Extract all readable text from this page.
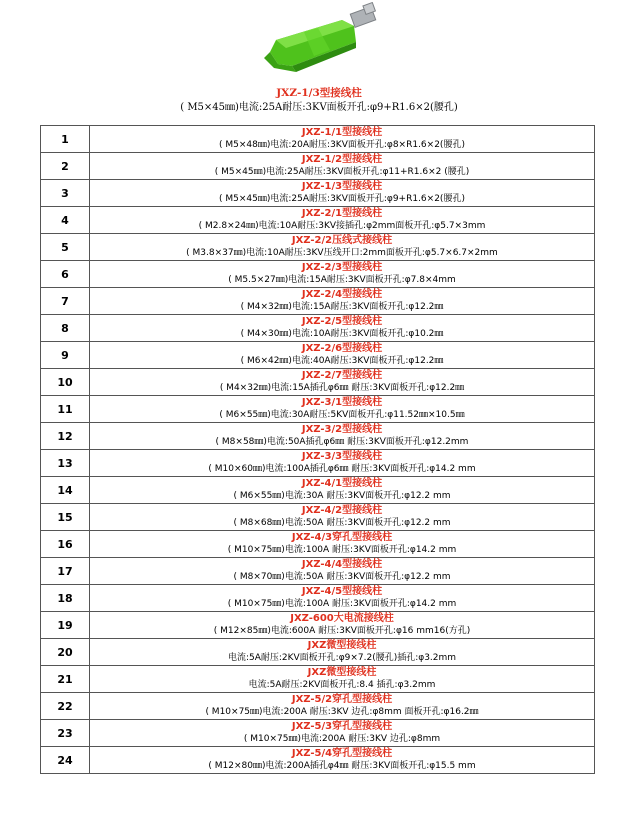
JXZ-1/3型接线柱
( M5×45㎜)电流:25A耐压:3KV面板开孔:φ9+R1.6×2(腰孔)
1	JXZ-1/1型接线柱
( M5×48㎜)电流:20A耐压:3KV面板开孔:φ8×R1.6×2(腰孔)

2	JXZ-1/2型接线柱
( M5×45㎜)电流:25A耐压:3KV面板开孔:φ11+R1.6×2 (腰孔)

3	JXZ-1/3型接线柱
( M5×45㎜)电流:25A耐压:3KV面板开孔:φ9+R1.6×2(腰孔)

4	JXZ-2/1型接线柱
( M2.8×24㎜)电流:10A耐压:3KV接插孔:φ2mm面板开孔:φ5.7×3mm

5	JXZ-2/2压线式接线柱
( M3.8×37㎜)电流:10A耐压:3KV压线开口:2mm面板开孔:φ5.7×6.7×2mm

6	JXZ-2/3型接线柱
( M5.5×27㎜)电流:15A耐压:3KV面板开孔:φ7.8×4mm

7	JXZ-2/4型接线柱
( M4×32㎜)电流:15A耐压:3KV面板开孔:φ12.2㎜

8	JXZ-2/5型接线柱
( M4×30㎜)电流:10A耐压:3KV面板开孔:φ10.2㎜

9	JXZ-2/6型接线柱
( M6×42㎜)电流:40A耐压:3KV面板开孔:φ12.2㎜

10	JXZ-2/7型接线柱
( M4×32㎜)电流:15A插孔φ6㎜ 耐压:3KV面板开孔:φ12.2㎜

11	JXZ-3/1型接线柱
( M6×55㎜)电流:30A耐压:5KV面板开孔:φ11.52㎜×10.5㎜

12	JXZ-3/2型接线柱
( M8×58㎜)电流:50A插孔φ6㎜ 耐压:3KV面板开孔:φ12.2mm

13	JXZ-3/3型接线柱
( M10×60㎜)电流:100A插孔φ6㎜ 耐压:3KV面板开孔:φ14.2 mm

14	JXZ-4/1型接线柱
( M6×55㎜)电流:30A 耐压:3KV面板开孔:φ12.2 mm

15	JXZ-4/2型接线柱
( M8×68㎜)电流:50A 耐压:3KV面板开孔:φ12.2 mm

16	JXZ-4/3穿孔型接线柱
( M10×75㎜)电流:100A 耐压:3KV面板开孔:φ14.2 mm

17	JXZ-4/4型接线柱
( M8×70㎜)电流:50A 耐压:3KV面板开孔:φ12.2 mm

18	JXZ-4/5型接线柱
( M10×75㎜)电流:100A 耐压:3KV面板开孔:φ14.2 mm

19	JXZ-600大电流接线柱
( M12×85㎜)电流:600A 耐压:3KV面板开孔:φ16 mm16(方孔)

20	JXZ微型接线柱
电流:5A耐压:2KV面板开孔:φ9×7.2(腰孔)插孔:φ3.2mm

21	JXZ微型接线柱
电流:5A耐压:2KV面板开孔:8.4 插孔:φ3.2mm

22	JXZ-5/2穿孔型接线柱
( M10×75㎜)电流:200A 耐压:3KV 边孔:φ8mm 面板开孔:φ16.2㎜

23	JXZ-5/3穿孔型接线柱
( M10×75㎜)电流:200A 耐压:3KV 边孔:φ8mm

24	JXZ-5/4穿孔型接线柱
( M12×80㎜)电流:200A插孔φ4㎜ 耐压:3KV面板开孔:φ15.5 mm
